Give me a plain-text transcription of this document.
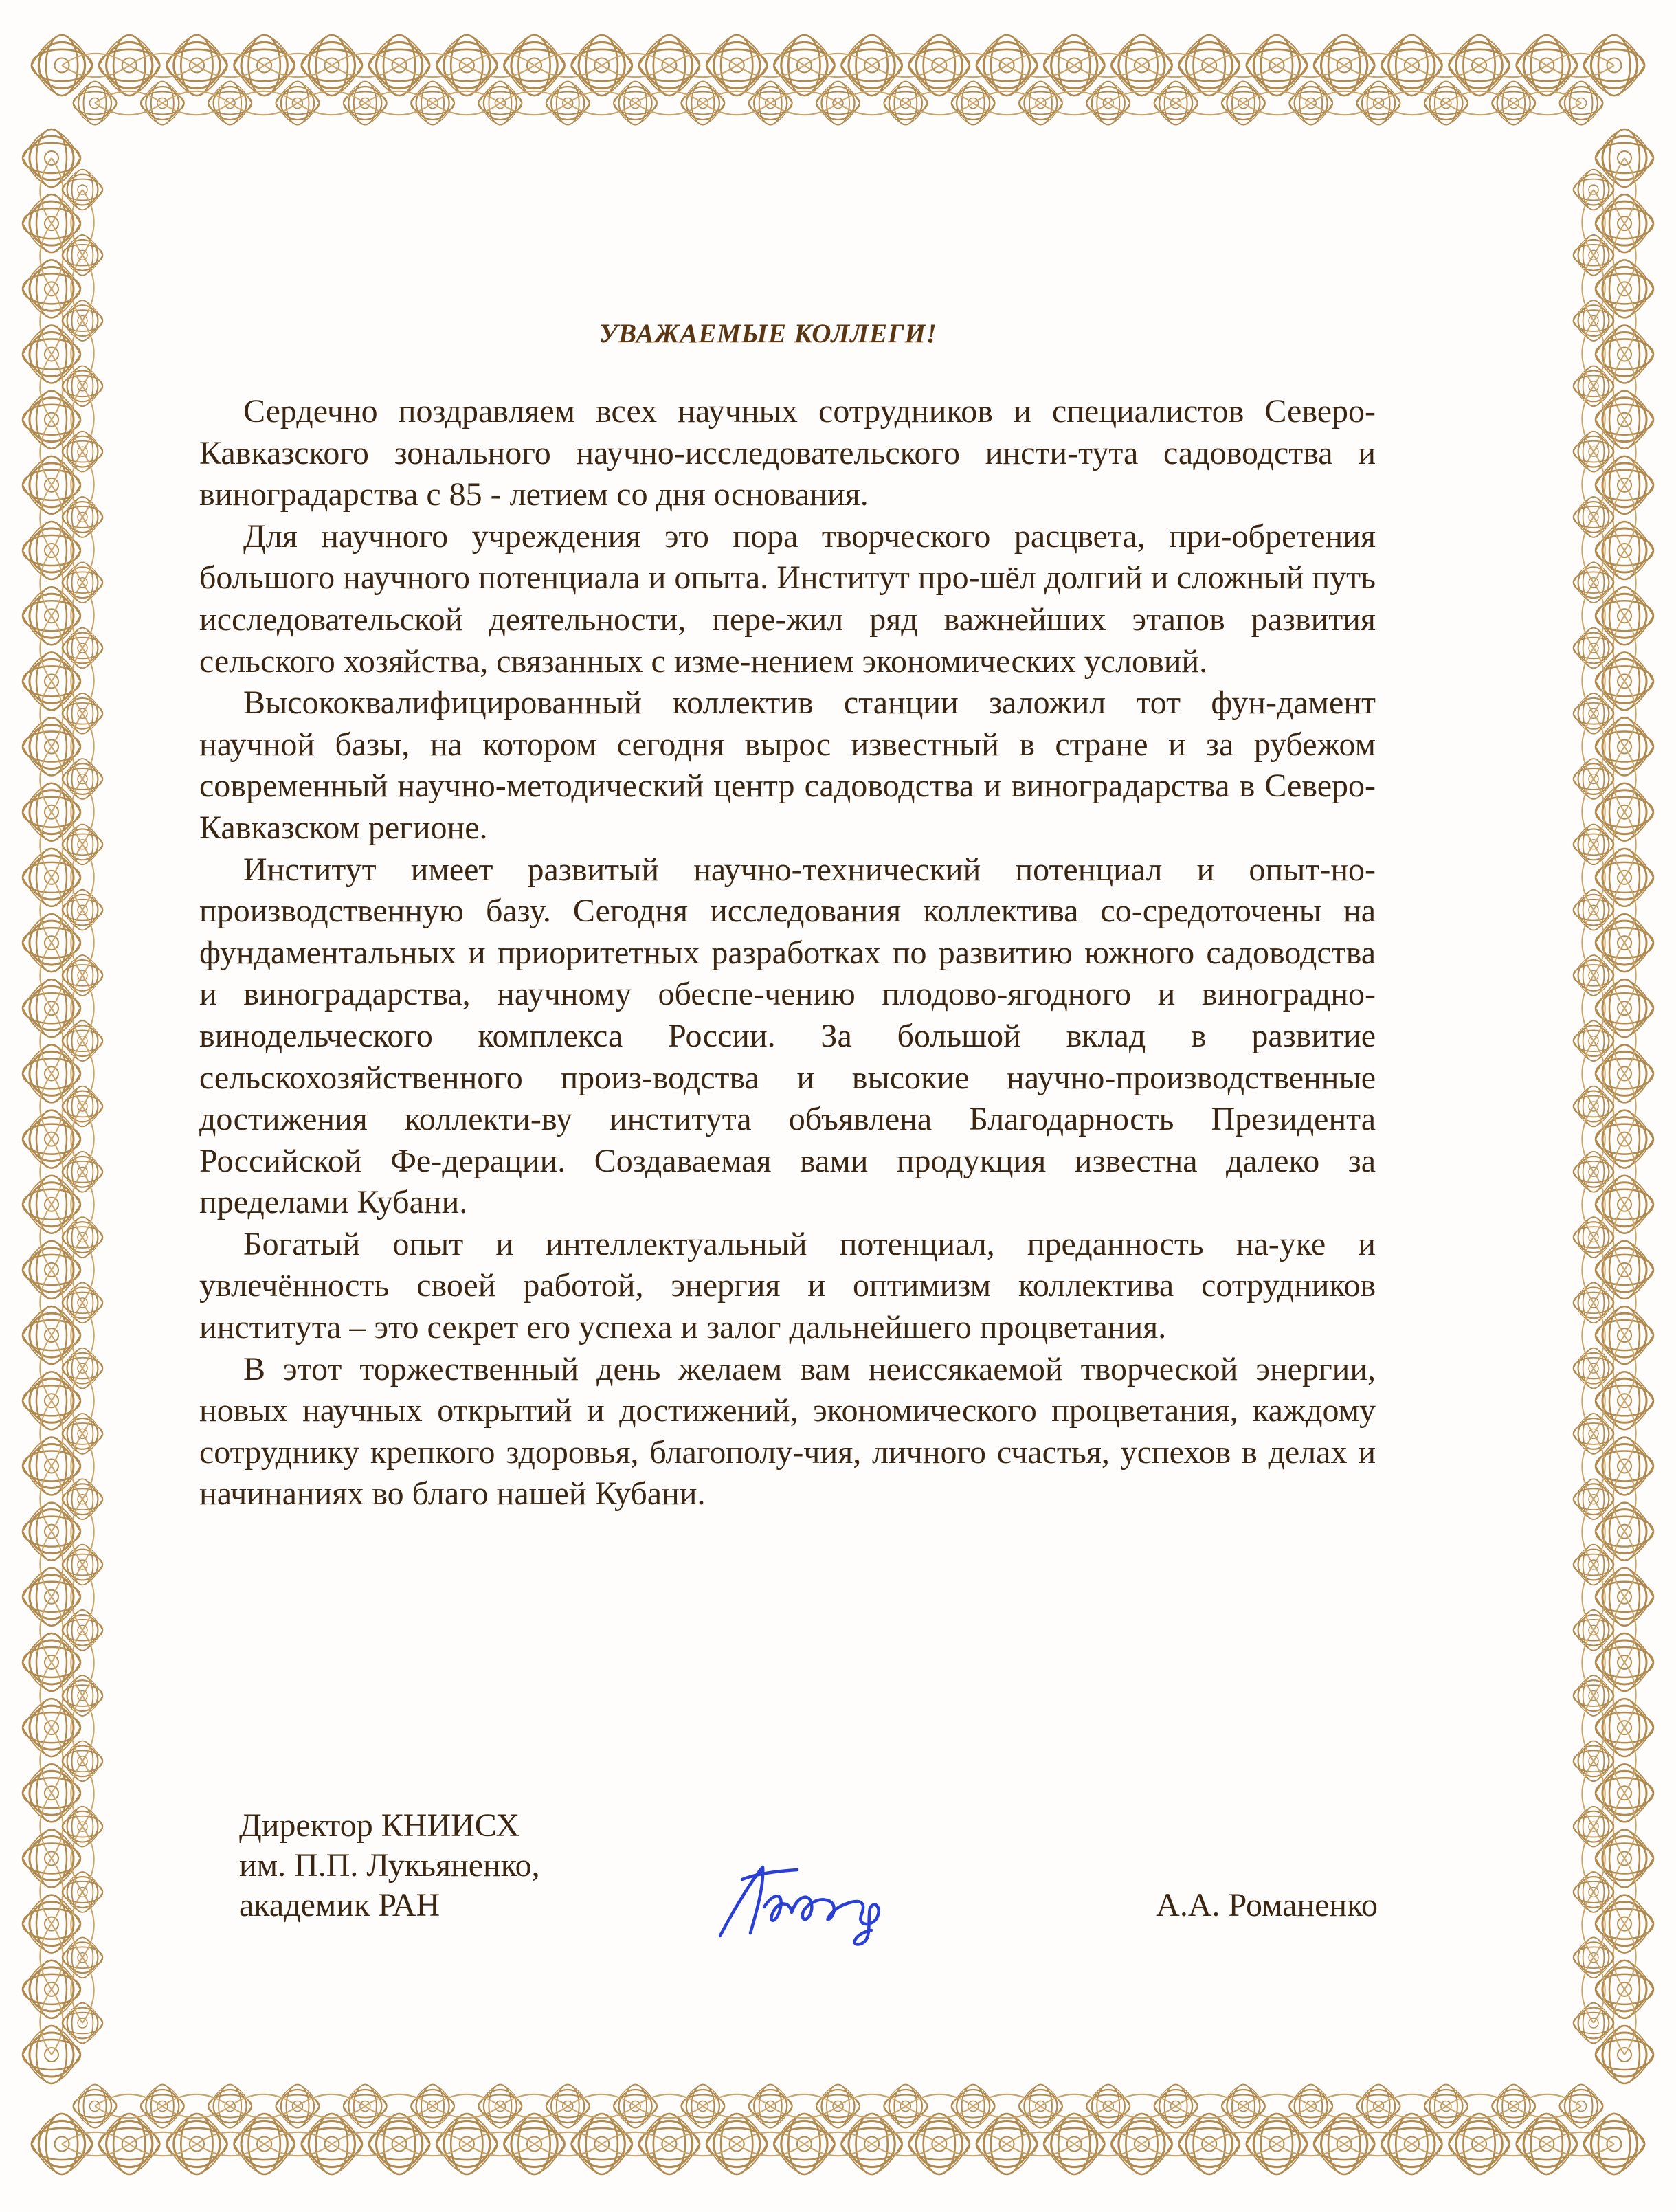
УВАЖАЕМЫЕ КОЛЛЕГИ!

Сердечно поздравляем всех научных сотрудников и специалистов Северо-Кавказского зонального научно-исследовательского инсти-тута садоводства и виноградарства с 85 - летием со дня основания.

Для научного учреждения это пора творческого расцвета, при-обретения большого научного потенциала и опыта. Институт про-шёл долгий и сложный путь исследовательской деятельности, пере-жил ряд важнейших этапов развития сельского хозяйства, связанных с изме-нением экономических условий.

Высококвалифицированный коллектив станции заложил тот фун-дамент научной базы, на котором сегодня вырос известный в стране и за рубежом современный научно-методический центр садоводства и виноградарства в Северо-Кавказском регионе.

Институт имеет развитый научно-технический потенциал и опыт-но-производственную базу. Сегодня исследования коллектива со-средоточены на фундаментальных и приоритетных разработках по развитию южного садоводства и виноградарства, научному обеспе-чению плодово-ягодного и виноградно-винодельческого комплекса России. За большой вклад в развитие сельскохозяйственного произ-водства и высокие научно-производственные достижения коллекти-ву института объявлена Благодарность Президента Российской Фе-дерации. Создаваемая вами продукция известна далеко за пределами Кубани.

Богатый опыт и интеллектуальный потенциал, преданность на-уке и увлечённость своей работой, энергия и оптимизм коллектива сотрудников института – это секрет его успеха и залог дальнейшего процветания.

В этот торжественный день желаем вам неиссякаемой творческой энергии, новых научных открытий и достижений, экономического процветания, каждому сотруднику крепкого здоровья, благополу-чия, личного счастья, успехов в делах и начинаниях во благо нашей Кубани.

Директор КНИИСХ
им. П.П. Лукьяненко,
академик РАН	А.А. Романенко
